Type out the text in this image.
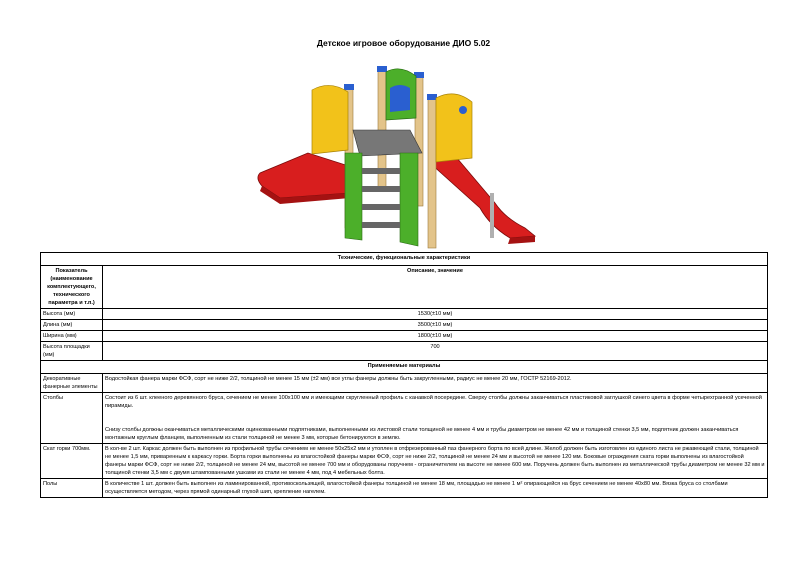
Детское игровое оборудование ДИО 5.02
Технические, функциональные характеристики	
Показатель (наименование комплектующего, технического параметра и т.п.)	Описание, значение
Высота (мм)	1530(±10 мм)
Длина (мм)	3500(±10 мм)
Ширина (мм)	1800(±10 мм)
Высота площадки (мм)	700
Применяемые материалы	
Декоративные фанерные элементы	Водостойкая фанера марки ФСФ, сорт не ниже 2/2, толщиной не менее 15 мм (±2 мм) все углы фанеры должны быть закругленными, радиус не менее 20 мм, ГОСТР 52169-2012.
Столбы	Состоит из 6 шт. клееного деревянного бруса, сечением не менее 100х100 мм и имеющими скругленный профиль с канавкой посередине. Сверху столбы должны заканчиваться пластиковой заглушкой синего цвета в форме четырехгранной усеченной пирамиды.
Снизу столбы должны оканчиваться металлическими оцинкованными подпятниками, выполненными из листовой стали толщиной не менее 4 мм и трубы диаметром не менее 42 мм и толщиной стенки 3,5 мм, подпятник должен заканчиваться монтажным круглым фланцем, выполненным из стали толщиной не менее 3 мм, которые бетонируются в землю.
Скат горки 700мм.	В кол-ве 2 шт. Каркас должен быть выполнен из профильной трубы сечением не менее 50х25х2 мм и утоплен в отфрезерованный паз фанерного борта по всей длине. Желоб должен быть изготовлен из единого листа не ржавеющей стали, толщиной не менее 1,5 мм, приваренным к каркасу горки. Борта горки выполнены из влагостойкой фанеры марки ФСФ, сорт не ниже 2/2, толщиной не менее 24 мм и высотой не менее 120 мм. Боковые ограждения ската горки выполнены из влагостойкой фанеры марки ФСФ, сорт не ниже 2/2, толщиной не менее 24 мм, высотой не менее 700 мм и оборудованы поручнем - ограничителем на высоте не менее 600 мм. Поручень должен быть выполнен из металлической трубы диаметром не менее 32 мм и толщиной стенки 3,5 мм с двумя штампованными ушками из стали не менее 4 мм, под 4 мебельных болта.
Полы	В количестве 1 шт. должен быть выполнен из ламинированной, противоскользящей, влагостойкой фанеры толщиной не менее 18 мм, площадью не менее 1 м² опирающейся на брус сечением не менее 40х80 мм. Вязка бруса со столбами осуществляется методом, через прямой одинарный глухой шип, крепление нагелем.
